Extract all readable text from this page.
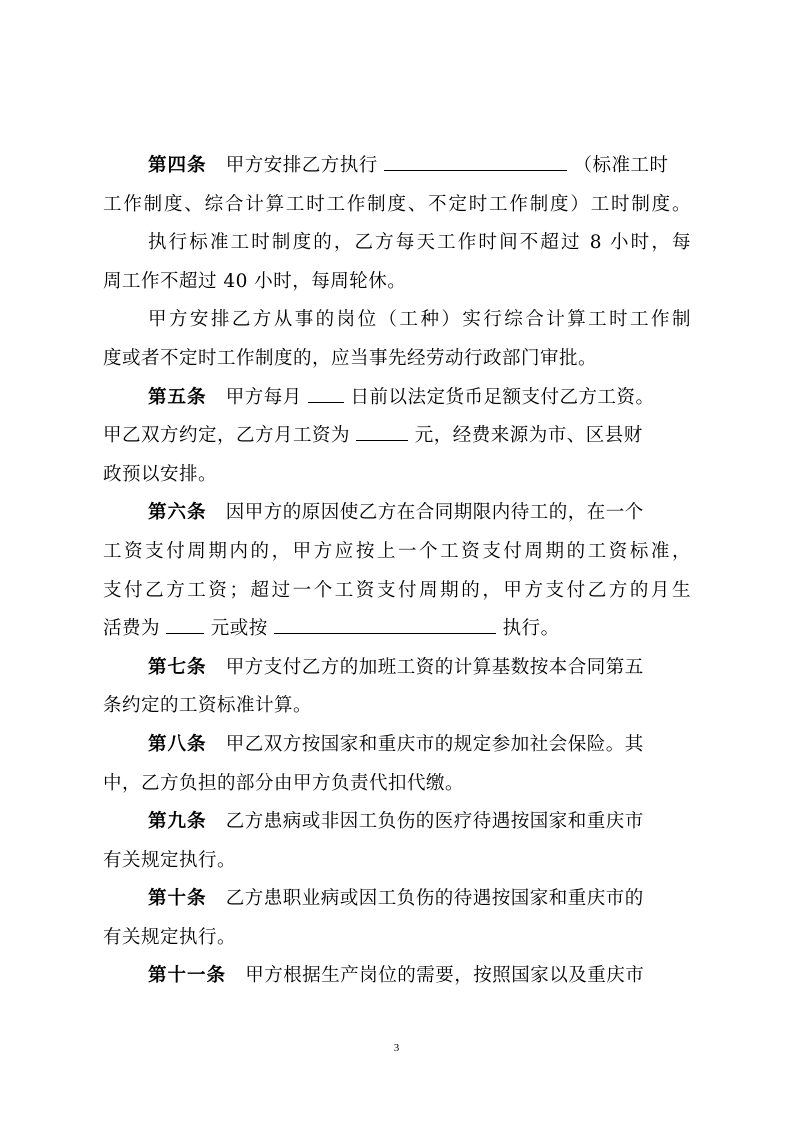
第四条 甲方安排乙方执行	（标准工时
工作制度、综合计算工时工作制度、不定时工作制度）工时制度。
执行标准工时制度的，乙方每天工作时间不超过 8 小时，每
周工作不超过 40 小时，每周轮休。
甲方安排乙方从事的岗位（工种）实行综合计算工时工作制
度或者不定时工作制度的，应当事先经劳动行政部门审批。
第五条 甲方每月	日前以法定货币足额支付乙方工资。
甲乙双方约定，乙方月工资为	元，经费来源为市、区县财
政预以安排。
第六条 因甲方的原因使乙方在合同期限内待工的，在一个
工资支付周期内的，甲方应按上一个工资支付周期的工资标准，
支付乙方工资；超过一个工资支付周期的，甲方支付乙方的月生
活费为	元或按	执行。
第七条 甲方支付乙方的加班工资的计算基数按本合同第五
条约定的工资标准计算。
第八条 甲乙双方按国家和重庆市的规定参加社会保险。其
中，乙方负担的部分由甲方负责代扣代缴。
第九条 乙方患病或非因工负伤的医疗待遇按国家和重庆市
有关规定执行。
第十条 乙方患职业病或因工负伤的待遇按国家和重庆市的
有关规定执行。
第十一条 甲方根据生产岗位的需要，按照国家以及重庆市
3
